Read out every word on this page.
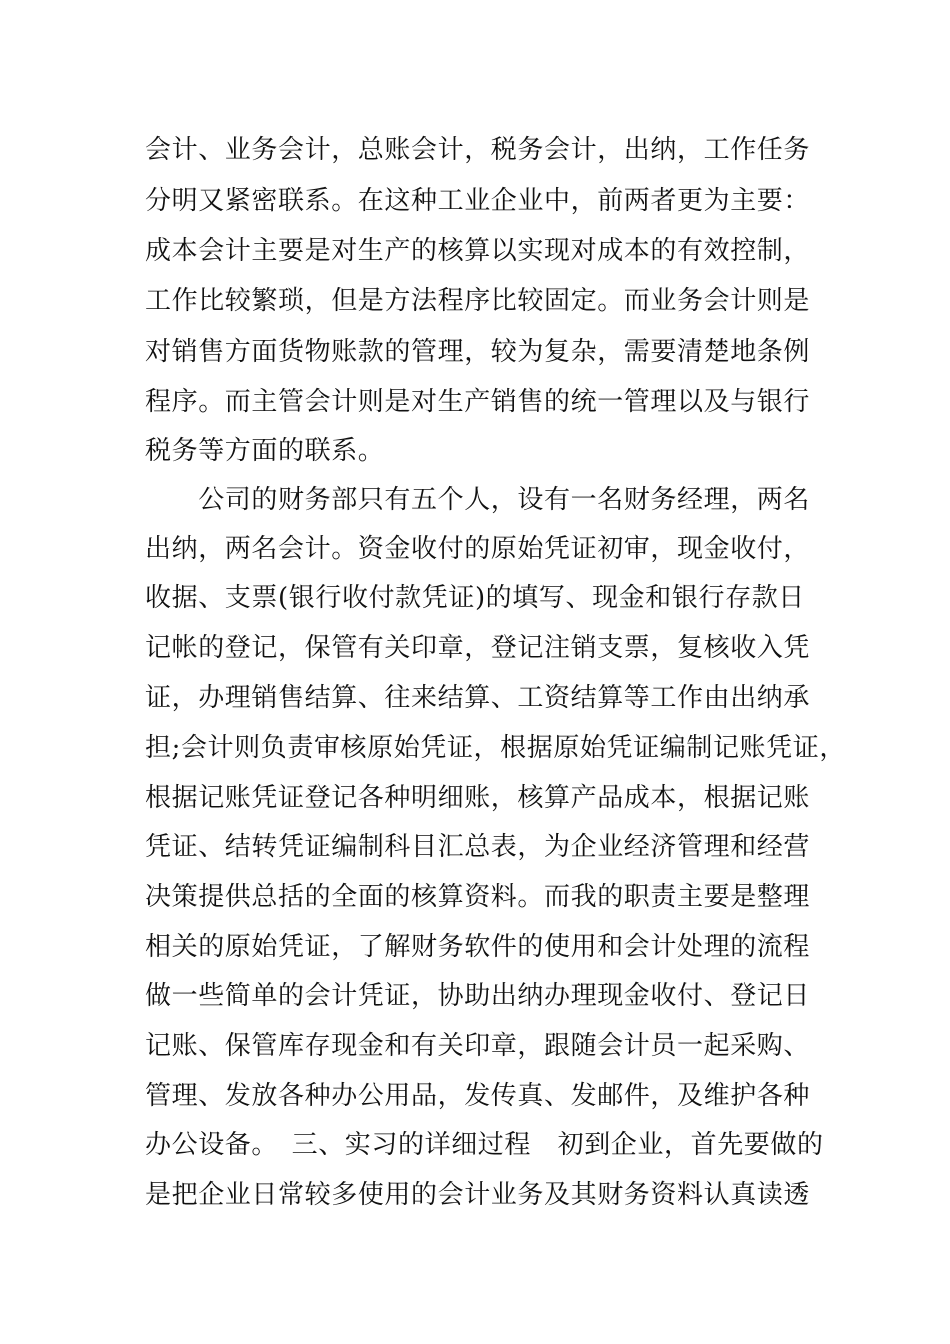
会计、业务会计，总账会计，税务会计，出纳，工作任务
分明又紧密联系。在这种工业企业中，前两者更为主要：
成本会计主要是对生产的核算以实现对成本的有效控制，
工作比较繁琐，但是方法程序比较固定。而业务会计则是
对销售方面货物账款的管理，较为复杂，需要清楚地条例
程序。而主管会计则是对生产销售的统一管理以及与银行
税务等方面的联系。
　　公司的财务部只有五个人，设有一名财务经理，两名
出纳，两名会计。资金收付的原始凭证初审，现金收付，
收据、支票(银行收付款凭证)的填写、现金和银行存款日
记帐的登记，保管有关印章，登记注销支票，复核收入凭
证，办理销售结算、往来结算、工资结算等工作由出纳承
担;会计则负责审核原始凭证，根据原始凭证编制记账凭证，
根据记账凭证登记各种明细账，核算产品成本，根据记账
凭证、结转凭证编制科目汇总表，为企业经济管理和经营
决策提供总括的全面的核算资料。而我的职责主要是整理
相关的原始凭证，了解财务软件的使用和会计处理的流程
做一些简单的会计凭证，协助出纳办理现金收付、登记日
记账、保管库存现金和有关印章，跟随会计员一起采购、
管理、发放各种办公用品，发传真、发邮件，及维护各种
办公设备。　三、实习的详细过程　初到企业，首先要做的
是把企业日常较多使用的会计业务及其财务资料认真读透
